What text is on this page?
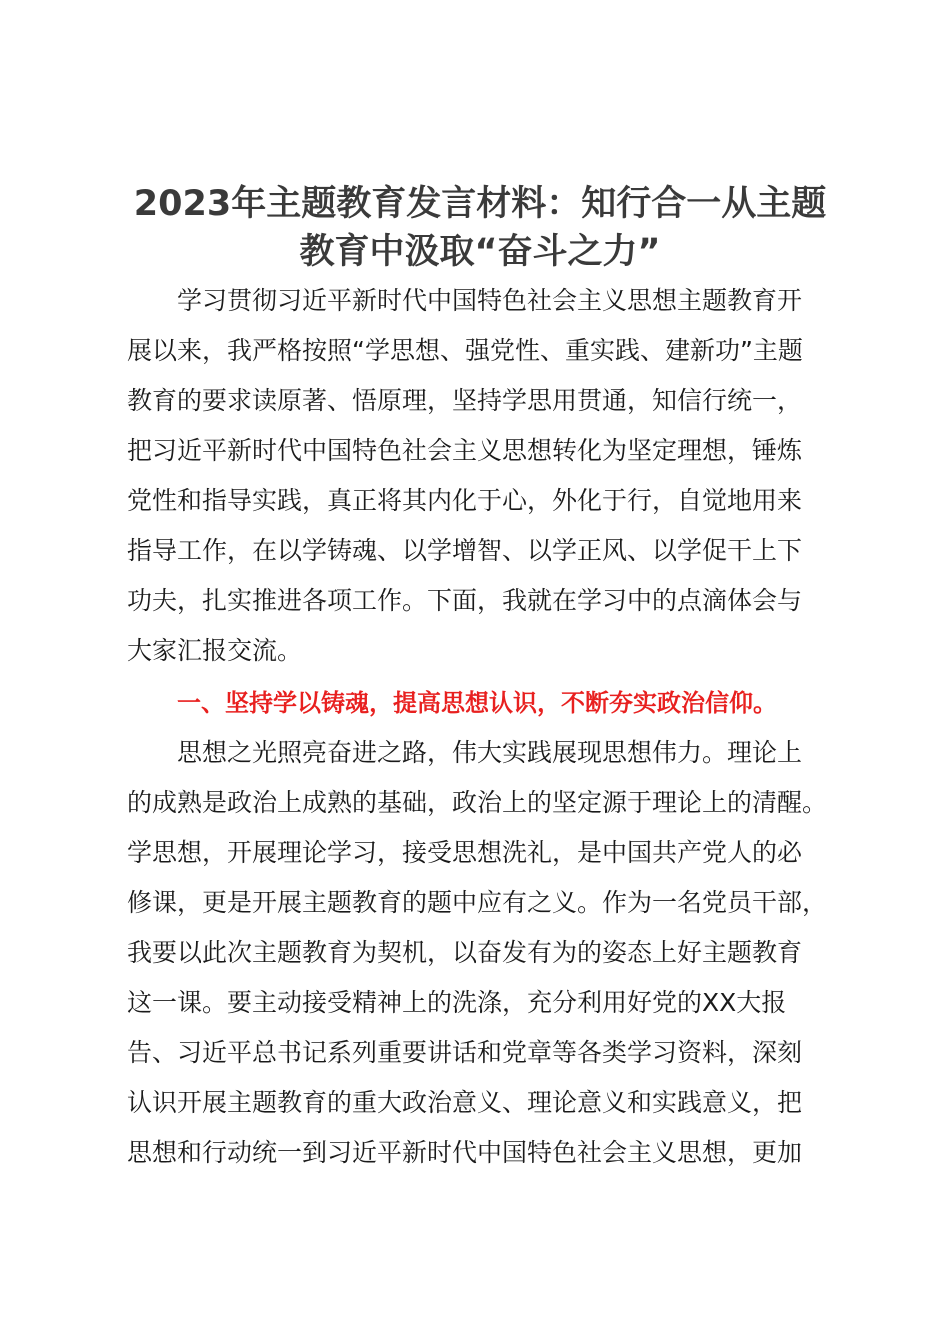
2023年主题教育发言材料：知行合一从主题
教育中汲取“奋斗之力”

学习贯彻习近平新时代中国特色社会主义思想主题教育开

展以来，我严格按照“学思想、强党性、重实践、建新功”主题

教育的要求读原著、悟原理，坚持学思用贯通，知信行统一，

把习近平新时代中国特色社会主义思想转化为坚定理想，锤炼

党性和指导实践，真正将其内化于心，外化于行，自觉地用来

指导工作，在以学铸魂、以学增智、以学正风、以学促干上下

功夫，扎实推进各项工作。下面，我就在学习中的点滴体会与

大家汇报交流。

一、坚持学以铸魂，提高思想认识，不断夯实政治信仰。

思想之光照亮奋进之路，伟大实践展现思想伟力。理论上

的成熟是政治上成熟的基础，政治上的坚定源于理论上的清醒。

学思想，开展理论学习，接受思想洗礼，是中国共产党人的必

修课，更是开展主题教育的题中应有之义。作为一名党员干部，

我要以此次主题教育为契机，以奋发有为的姿态上好主题教育

这一课。要主动接受精神上的洗涤，充分利用好党的XX大报

告、习近平总书记系列重要讲话和党章等各类学习资料，深刻

认识开展主题教育的重大政治意义、理论意义和实践意义，把

思想和行动统一到习近平新时代中国特色社会主义思想，更加
